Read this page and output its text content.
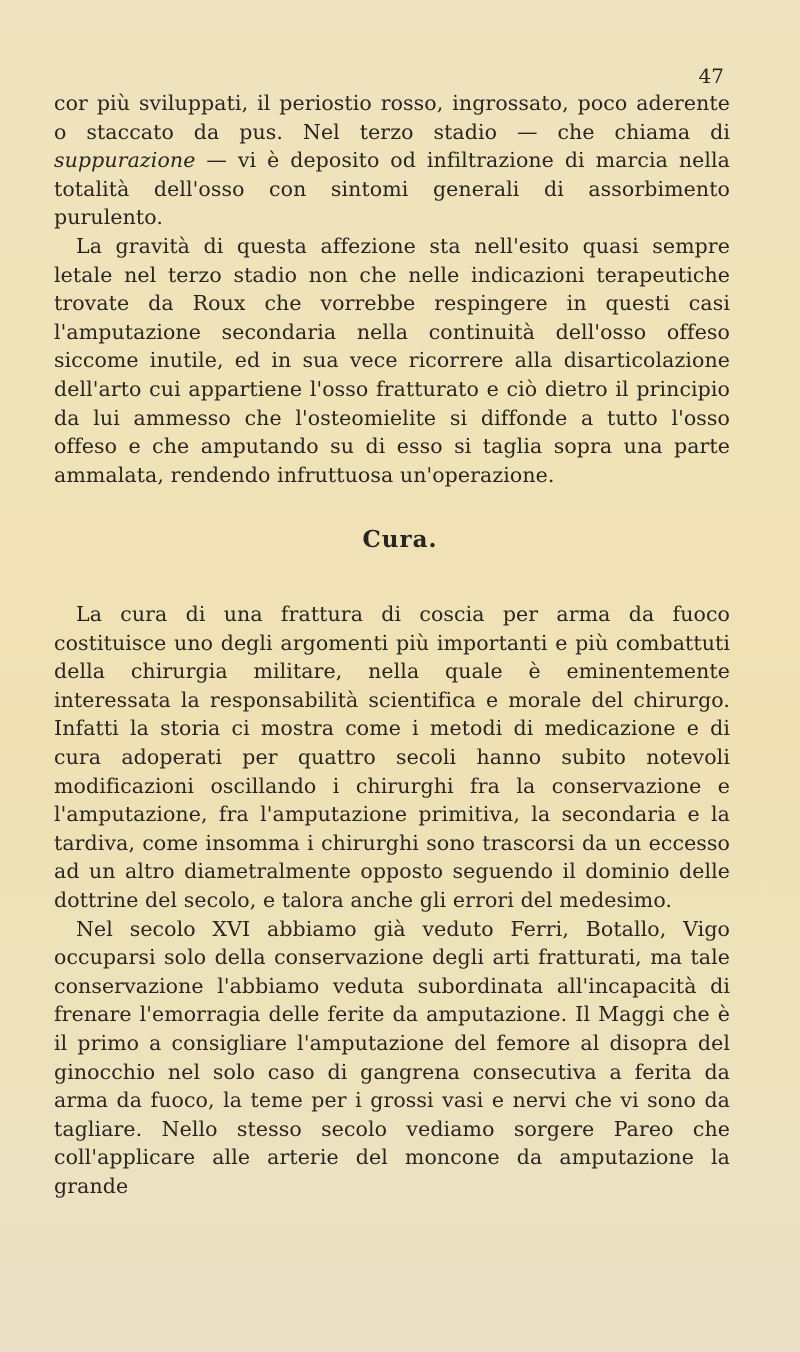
47

cor più sviluppati, il periostio rosso, ingrossato, poco aderente o staccato da pus. Nel terzo stadio — che chiama di suppurazione — vi è deposito od infiltrazione di marcia nella totalità dell'osso con sintomi generali di assorbimento purulento.

La gravità di questa affezione sta nell'esito quasi sempre letale nel terzo stadio non che nelle indicazioni terapeutiche trovate da Roux che vorrebbe respingere in questi casi l'amputazione secondaria nella continuità dell'osso offeso siccome inutile, ed in sua vece ricorrere alla disarticolazione dell'arto cui appartiene l'osso fratturato e ciò dietro il principio da lui ammesso che l'osteomielite si diffonde a tutto l'osso offeso e che amputando su di esso si taglia sopra una parte ammalata, rendendo infruttuosa un'operazione.

Cura.

La cura di una frattura di coscia per arma da fuoco costituisce uno degli argomenti più importanti e più combattuti della chirurgia militare, nella quale è eminentemente interessata la responsabilità scientifica e morale del chirurgo. Infatti la storia ci mostra come i metodi di medicazione e di cura adoperati per quattro secoli hanno subito notevoli modificazioni oscillando i chirurghi fra la conservazione e l'amputazione, fra l'amputazione primitiva, la secondaria e la tardiva, come insomma i chirurghi sono trascorsi da un eccesso ad un altro diametralmente opposto seguendo il dominio delle dottrine del secolo, e talora anche gli errori del medesimo.

Nel secolo XVI abbiamo già veduto Ferri, Botallo, Vigo occuparsi solo della conservazione degli arti fratturati, ma tale conservazione l'abbiamo veduta subordinata all'incapacità di frenare l'emorragia delle ferite da amputazione. Il Maggi che è il primo a consigliare l'amputazione del femore al disopra del ginocchio nel solo caso di gangrena consecutiva a ferita da arma da fuoco, la teme per i grossi vasi e nervi che vi sono da tagliare. Nello stesso secolo vediamo sorgere Pareo che coll'applicare alle arterie del moncone da amputazione la grande
